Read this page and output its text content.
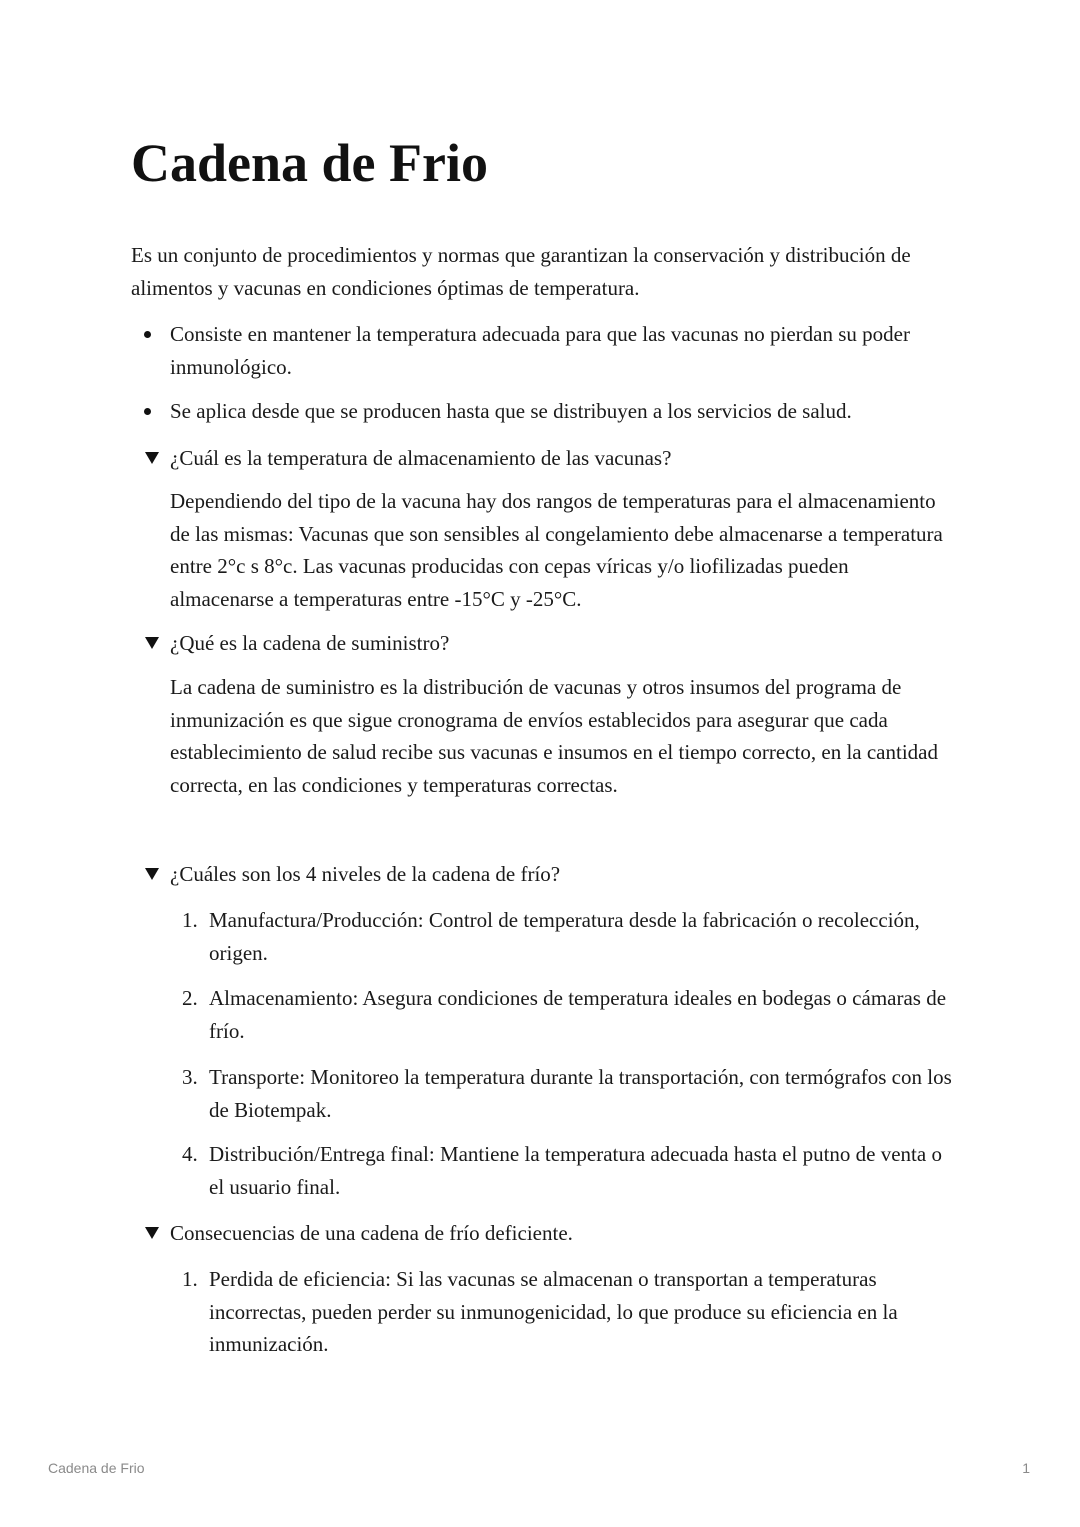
Cadena de Frio
Es un conjunto de procedimientos y normas que garantizan la conservación y distribución de alimentos y vacunas en condiciones óptimas de temperatura.
Consiste en mantener la temperatura adecuada para que las vacunas no pierdan su poder inmunológico.
Se aplica desde que se producen hasta que se distribuyen a los servicios de salud.
¿Cuál es la temperatura de almacenamiento de las vacunas?
Dependiendo del tipo de la vacuna hay dos rangos de temperaturas para el almacenamiento de las mismas: Vacunas que son sensibles al congelamiento debe almacenarse a temperatura entre 2°c s 8°c. Las vacunas producidas con cepas víricas y/o liofilizadas pueden almacenarse a temperaturas entre -15°C y -25°C.
¿Qué es la cadena de suministro?
La cadena de suministro es la distribución de vacunas y otros insumos del programa de inmunización es que sigue cronograma de envíos establecidos para asegurar que cada establecimiento de salud recibe sus vacunas e insumos en el tiempo correcto, en la cantidad correcta, en las condiciones y temperaturas correctas.
¿Cuáles son los 4 niveles de la cadena de frío?
1. Manufactura/Producción: Control de temperatura desde la fabricación o recolección, origen.
2. Almacenamiento: Asegura condiciones de temperatura ideales en bodegas o cámaras de frío.
3. Transporte: Monitoreo la temperatura durante la transportación, con termógrafos con los de Biotempak.
4. Distribución/Entrega final: Mantiene la temperatura adecuada hasta el putno de venta o el usuario final.
Consecuencias de una cadena de frío deficiente.
1. Perdida de eficiencia: Si las vacunas se almacenan o transportan a temperaturas incorrectas, pueden perder su inmunogenicidad, lo que produce su eficiencia en la inmunización.
Cadena de Frio	1
